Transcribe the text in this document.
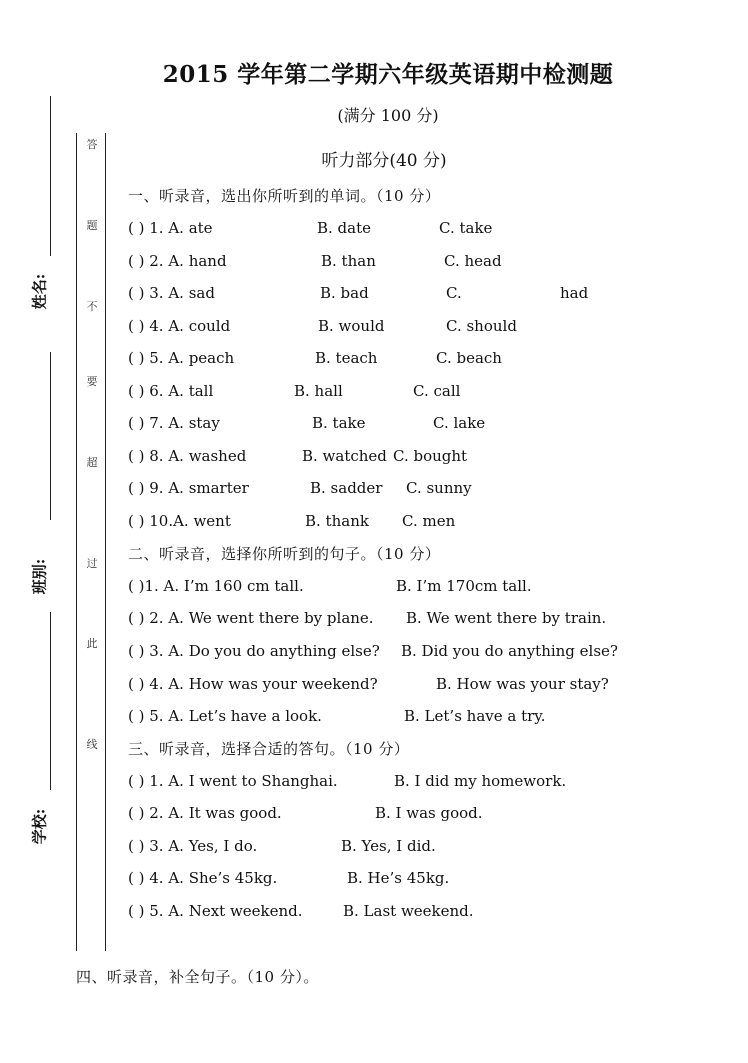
2015 学年第二学期六年级英语期中检测题
(满分 100 分)
听力部分(40 分)
姓名:
班别:
学校:
答
题
不
要
超
过
此
线
一、听录音，选出你所听到的单词。（10 分）
( ) 1. A. ate	B. date	C. take
( ) 2. A. hand	B. than	C. head
( ) 3. A. sad	B. bad	C.	had
( ) 4. A. could	B. would	C. should
( ) 5. A. peach	B. teach	C. beach
( ) 6. A. tall	B. hall	C. call
( ) 7. A. stay	B. take	C. lake
( ) 8. A. washed	B. watched C. bought
( ) 9. A. smarter	B. sadder C. sunny
( ) 10.A. went	B. thank C. men
二、听录音，选择你所听到的句子。（10 分）
( )1. A. I’m 160 cm tall.	B. I’m 170cm tall.
( ) 2. A. We went there by plane. B. We went there by train.
( ) 3. A. Do you do anything else? B. Did you do anything else?
( ) 4. A. How was your weekend?	B. How was your stay?
( ) 5. A. Let’s have a look.	B. Let’s have a try.
三、听录音，选择合适的答句。（10 分）
( ) 1. A. I went to Shanghai.	B. I did my homework.
( ) 2. A. It was good.	B. I was good.
( ) 3. A. Yes, I do.	B. Yes, I did.
( ) 4. A. She’s 45kg.	B. He’s 45kg.
( ) 5. A. Next weekend.	B. Last weekend.
四、听录音，补全句子。（10 分）。
